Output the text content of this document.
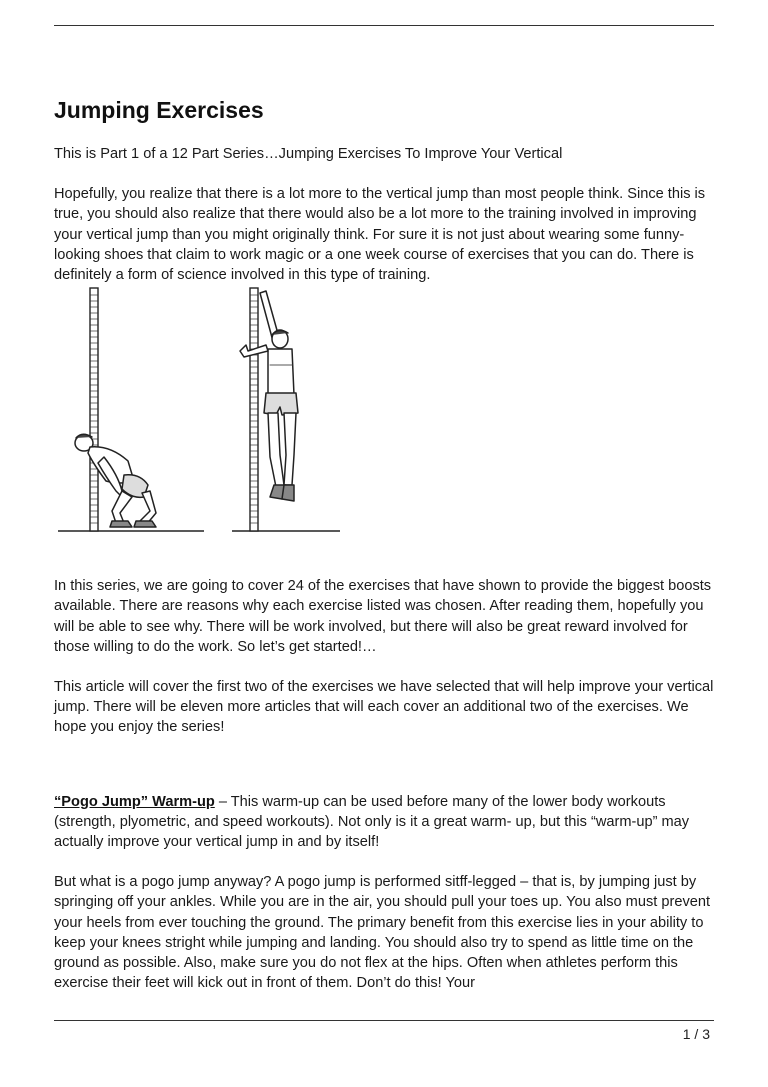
Jumping Exercises

This is Part 1 of a 12 Part Series…Jumping Exercises To Improve Your Vertical

Hopefully, you realize that there is a lot more to the vertical jump than most people think. Since this is true, you should also realize that there would also be a lot more to the training involved in improving your vertical jump than you might originally think. For sure it is not just about wearing some funny-looking shoes that claim to work magic or a one week course of exercises that you can do. There is definitely a form of science involved in this type of training.

In this series, we are going to cover 24 of the exercises that have shown to provide the biggest boosts available. There are reasons why each exercise listed was chosen. After reading them, hopefully you will be able to see why. There will be work involved, but there will also be great reward involved for those willing to do the work. So let’s get started!…

This article will cover the first two of the exercises we have selected that will help improve your vertical jump. There will be eleven more articles that will each cover an additional two of the exercises. We hope you enjoy the series!

“Pogo Jump” Warm-up – This warm-up can be used before many of the lower body workouts (strength, plyometric, and speed workouts). Not only is it a great warm- up, but this “warm-up” may actually improve your vertical jump in and by itself!

But what is a pogo jump anyway? A pogo jump is performed sitff-legged – that is, by jumping just by springing off your ankles. While you are in the air, you should pull your toes up. You also must prevent your heels from ever touching the ground. The primary benefit from this exercise lies in your ability to keep your knees stright while jumping and landing. You should also try to spend as little time on the ground as possible. Also, make sure you do not flex at the hips. Often when athletes perform this exercise their feet will kick out in front of them. Don’t do this! Your

1 / 3
